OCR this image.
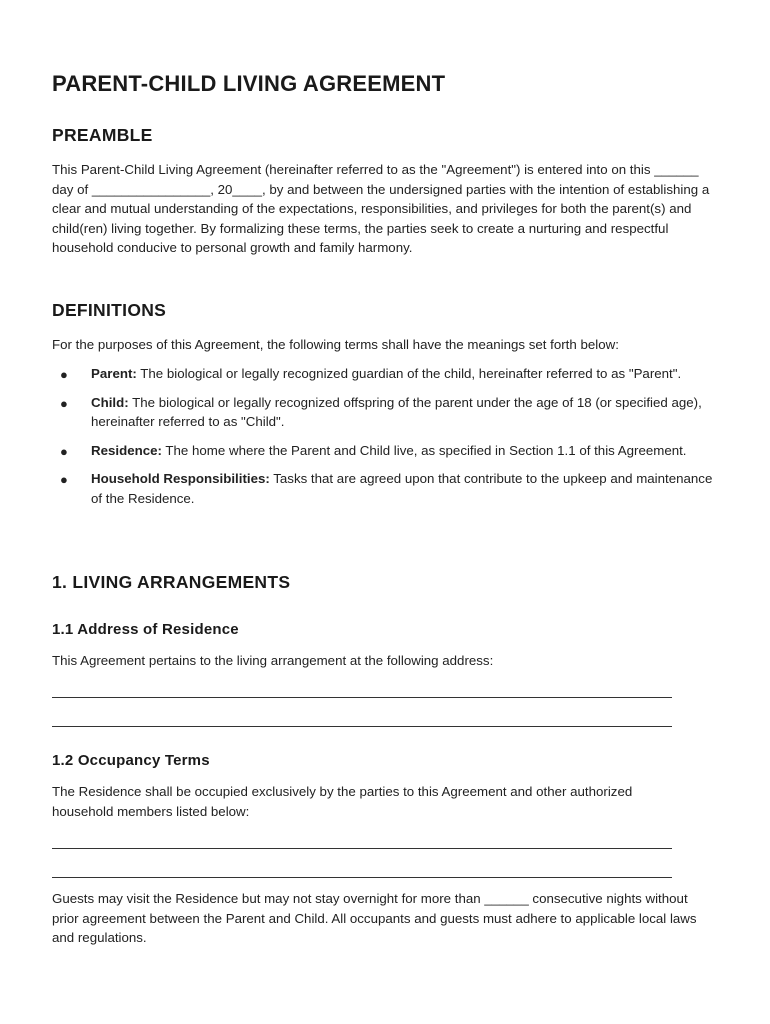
PARENT-CHILD LIVING AGREEMENT
PREAMBLE

This Parent-Child Living Agreement (hereinafter referred to as the "Agreement") is entered into on this ______ day of ________________, 20____, by and between the undersigned parties with the intention of establishing a clear and mutual understanding of the expectations, responsibilities, and privileges for both the parent(s) and child(ren) living together. By formalizing these terms, the parties seek to create a nurturing and respectful household conducive to personal growth and family harmony.

DEFINITIONS

For the purposes of this Agreement, the following terms shall have the meanings set forth below:

● Parent: The biological or legally recognized guardian of the child, hereinafter referred to as "Parent".
● Child: The biological or legally recognized offspring of the parent under the age of 18 (or specified age), hereinafter referred to as "Child".
● Residence: The home where the Parent and Child live, as specified in Section 1.1 of this Agreement.
● Household Responsibilities: Tasks that are agreed upon that contribute to the upkeep and maintenance of the Residence.
1. LIVING ARRANGEMENTS
1.1 Address of Residence

This Agreement pertains to the living arrangement at the following address:

1.2 Occupancy Terms

The Residence shall be occupied exclusively by the parties to this Agreement and other authorized household members listed below:

Guests may visit the Residence but may not stay overnight for more than ______ consecutive nights without prior agreement between the Parent and Child. All occupants and guests must adhere to applicable local laws and regulations.
